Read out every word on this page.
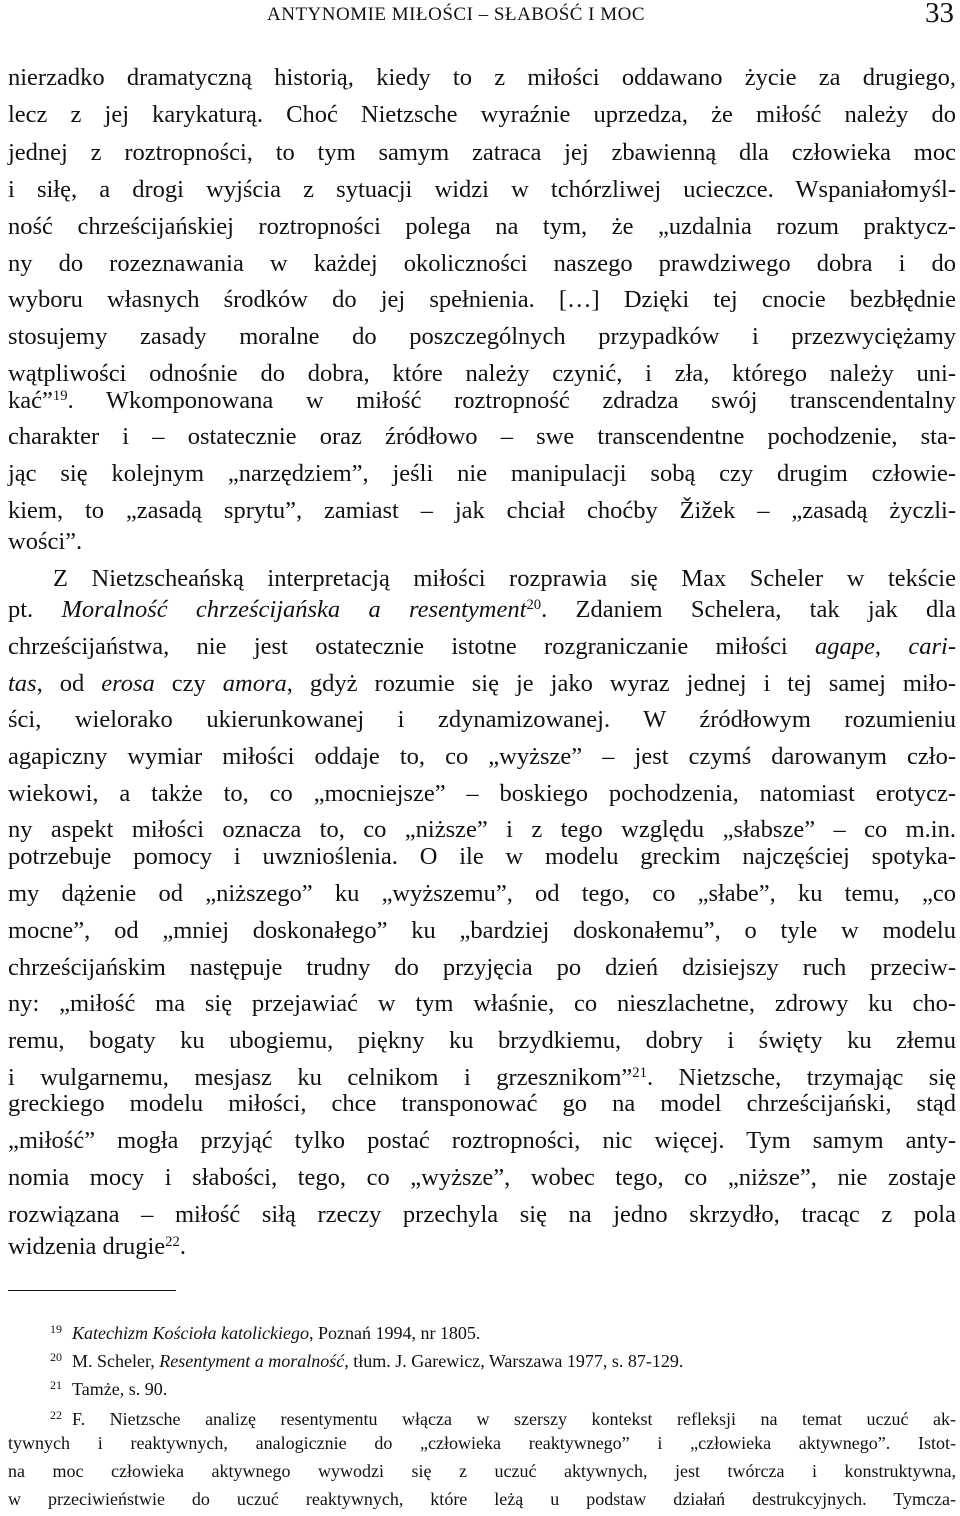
ANTYNOMIE MIŁOŚCI – SŁABOŚĆ I MOC	33
nierzadko dramatyczną historią, kiedy to z miłości oddawano życie za drugiego,
lecz z jej karykaturą. Choć Nietzsche wyraźnie uprzedza, że miłość należy do
jednej z roztropności, to tym samym zatraca jej zbawienną dla człowieka moc
i siłę, a drogi wyjścia z sytuacji widzi w tchórzliwej ucieczce. Wspaniałomyśl-
ność chrześcijańskiej roztropności polega na tym, że „uzdalnia rozum praktycz-
ny do rozeznawania w każdej okoliczności naszego prawdziwego dobra i do
wyboru własnych środków do jej spełnienia. […] Dzięki tej cnocie bezbłędnie
stosujemy zasady moralne do poszczególnych przypadków i przezwyciężamy
wątpliwości odnośnie do dobra, które należy czynić, i zła, którego należy uni-
kać”$^{19}$. Wkomponowana w miłość roztropność zdradza swój transcendentalny
charakter i – ostatecznie oraz źródłowo – swe transcendentne pochodzenie, sta-
jąc się kolejnym „narzędziem”, jeśli nie manipulacji sobą czy drugim człowie-
kiem, to „zasadą sprytu”, zamiast – jak chciał choćby Žižek – „zasadą życzli-
wości”.
Z Nietzscheańską interpretacją miłości rozprawia się Max Scheler w tekście
pt. Moralność chrześcijańska a resentyment$^{20}$. Zdaniem Schelera, tak jak dla
chrześcijaństwa, nie jest ostatecznie istotne rozgraniczanie miłości agape, cari-
tas, od erosa czy amora, gdyż rozumie się je jako wyraz jednej i tej samej miło-
ści, wielorako ukierunkowanej i zdynamizowanej. W źródłowym rozumieniu
agapiczny wymiar miłości oddaje to, co „wyższe” – jest czymś darowanym czło-
wiekowi, a także to, co „mocniejsze” – boskiego pochodzenia, natomiast erotycz-
ny aspekt miłości oznacza to, co „niższe” i z tego względu „słabsze” – co m.in.
potrzebuje pomocy i uwznioślenia. O ile w modelu greckim najczęściej spotyka-
my dążenie od „niższego” ku „wyższemu”, od tego, co „słabe”, ku temu, „co
mocne”, od „mniej doskonałego” ku „bardziej doskonałemu”, o tyle w modelu
chrześcijańskim następuje trudny do przyjęcia po dzień dzisiejszy ruch przeciw-
ny: „miłość ma się przejawiać w tym właśnie, co nieszlachetne, zdrowy ku cho-
remu, bogaty ku ubogiemu, piękny ku brzydkiemu, dobry i święty ku złemu
i wulgarnemu, mesjasz ku celnikom i grzesznikom”$^{21}$. Nietzsche, trzymając się
greckiego modelu miłości, chce transponować go na model chrześcijański, stąd
„miłość” mogła przyjąć tylko postać roztropności, nic więcej. Tym samym anty-
nomia mocy i słabości, tego, co „wyższe”, wobec tego, co „niższe”, nie zostaje
rozwiązana – miłość siłą rzeczy przechyla się na jedno skrzydło, tracąc z pola
widzenia drugie$^{22}$.
$^{19}$ Katechizm Kościoła katolickiego, Poznań 1994, nr 1805.
$^{20}$ M. Scheler, Resentyment a moralność, tłum. J. Garewicz, Warszawa 1977, s. 87-129.
$^{21}$ Tamże, s. 90.
$^{22}$ F. Nietzsche analizę resentymentu włącza w szerszy kontekst refleksji na temat uczuć ak-
tywnych i reaktywnych, analogicznie do „człowieka reaktywnego” i „człowieka aktywnego”. Istot-
na moc człowieka aktywnego wywodzi się z uczuć aktywnych, jest twórcza i konstruktywna,
w przeciwieństwie do uczuć reaktywnych, które leżą u podstaw działań destrukcyjnych. Tymcza-
